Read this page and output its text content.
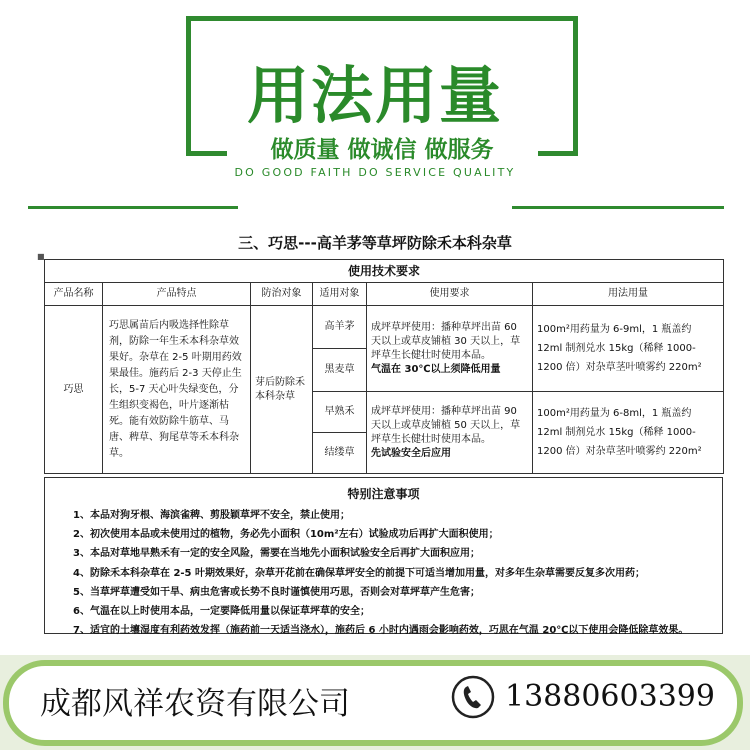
用法用量
做质量 做诚信 做服务
DO GOOD FAITH DO SERVICE QUALITY
三、巧思---高羊茅等草坪防除禾本科杂草
■
使用技术要求					
产品名称	产品特点	防治对象	适用对象	使用要求	用法用量
巧思	巧思属苗后内吸选择性除草剂，防除一年生禾本科杂草效果好。杂草在 2-5 叶期用药效果最佳。施药后 2-3 天停止生长，5-7 天心叶失绿变色，分生组织变褐色，叶片逐渐枯死。能有效防除牛筋草、马唐、稗草、狗尾草等禾本科杂草。	芽后防除禾本科杂草	高羊茅	成坪草坪使用：播种草坪出苗 60 天以上或草皮铺植 30 天以上，草坪草生长健壮时使用本品。
气温在 30℃以上须降低用量	100m²用药量为 6-9ml，1 瓶盖约 12ml 制剂兑水 15kg（稀释 1000-1200 倍）对杂草茎叶喷雾约 220m²
			黑麦草		
			早熟禾	成坪草坪使用：播种草坪出苗 90 天以上或草皮铺植 50 天以上，草坪草生长健壮时使用本品。
先试验安全后应用	100m²用药量为 6-8ml，1 瓶盖约 12ml 制剂兑水 15kg（稀释 1000-1200 倍）对杂草茎叶喷雾约 220m²
			结缕草		
特别注意事项
1、本品对狗牙根、海滨雀稗、剪股颖草坪不安全，禁止使用；
2、初次使用本品或未使用过的植物，务必先小面积（10m²左右）试验成功后再扩大面积使用；
3、本品对草地早熟禾有一定的安全风险，需要在当地先小面积试验安全后再扩大面积应用；
4、防除禾本科杂草在 2-5 叶期效果好，杂草开花前在确保草坪安全的前提下可适当增加用量，对多年生杂草需要反复多次用药；
5、当草坪草遭受如干旱、病虫危害或长势不良时谨慎使用巧思，否则会对草坪草产生危害；
6、气温在以上时使用本品，一定要降低用量以保证草坪草的安全；
7、适宜的土壤湿度有利药效发挥（施药前一天适当浇水），施药后 6 小时内遇雨会影响药效，巧思在气温 20℃以下使用会降低除草效果。
成都风祥农资有限公司	13880603399
